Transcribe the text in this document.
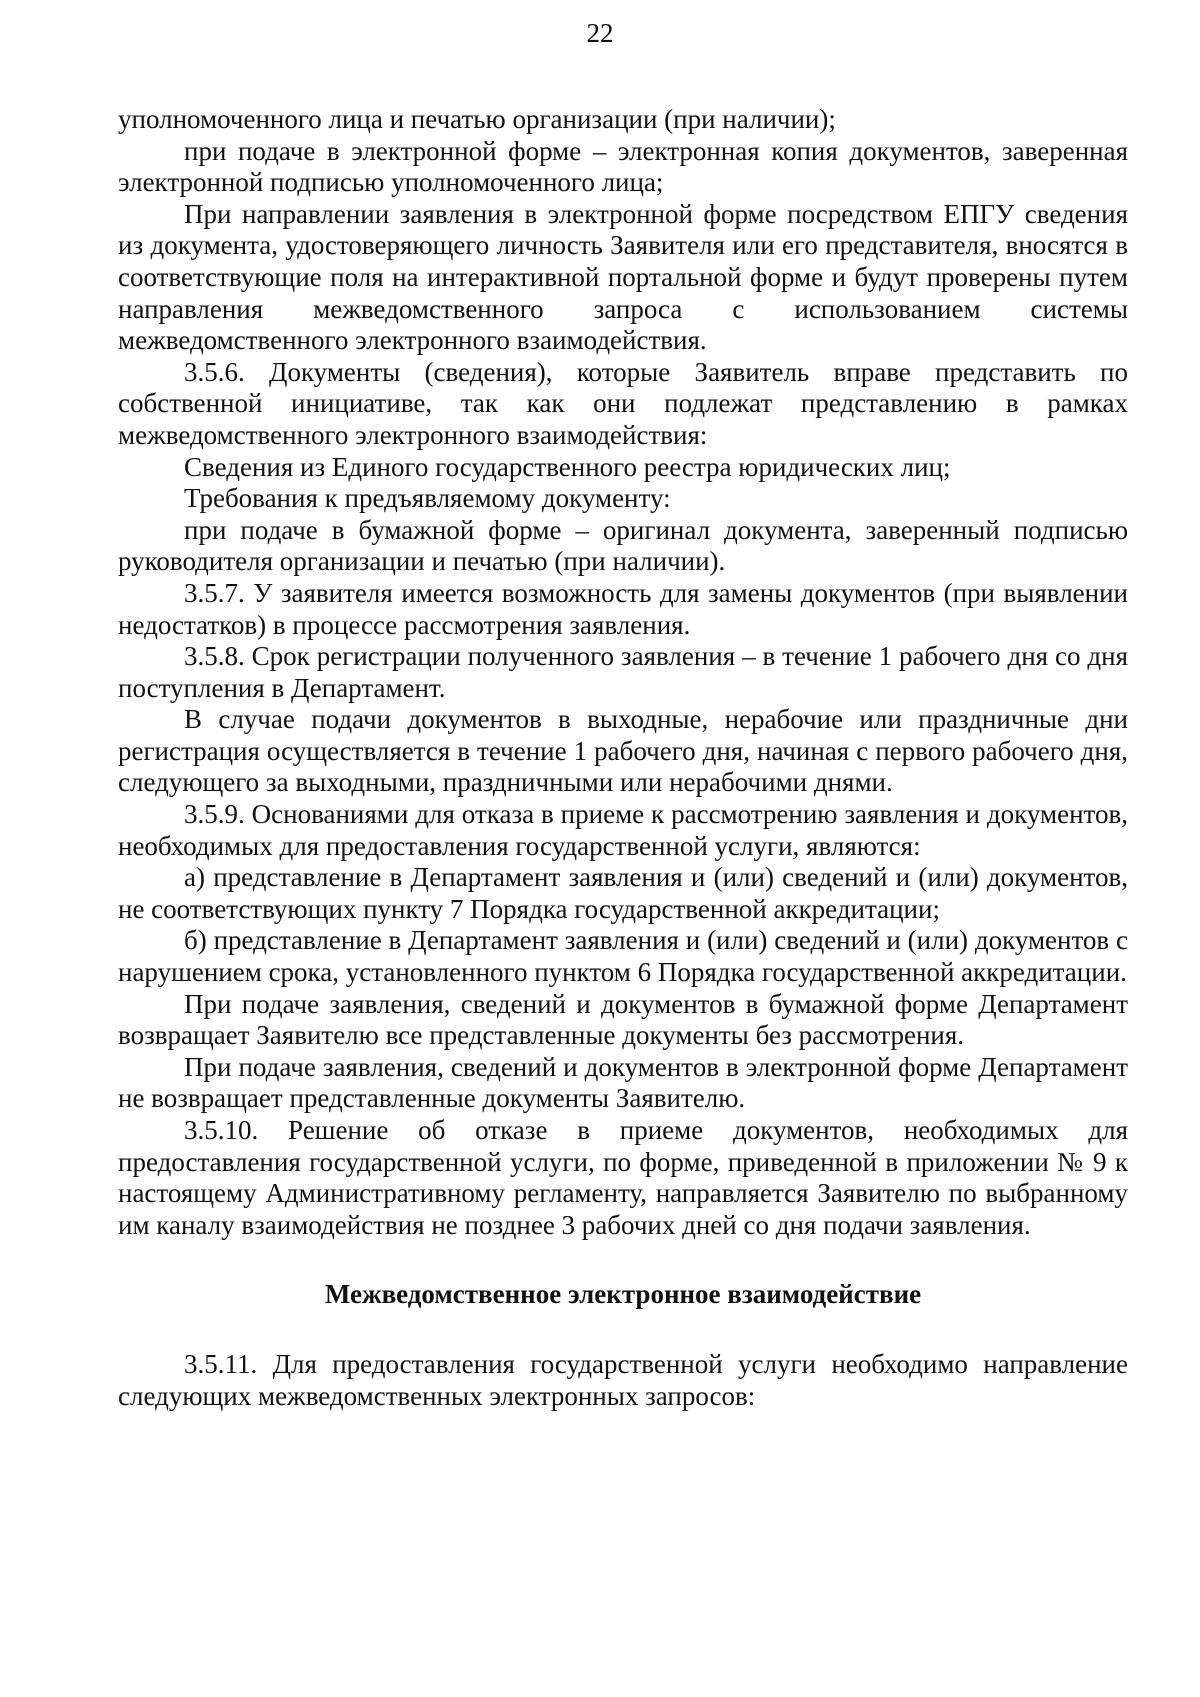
22

уполномоченного лица и печатью организации (при наличии);

при подаче в электронной форме – электронная копия документов, заверенная электронной подписью уполномоченного лица;

При направлении заявления в электронной форме посредством ЕПГУ сведения из документа, удостоверяющего личность Заявителя или его представителя, вносятся в соответствующие поля на интерактивной портальной форме и будут проверены путем направления межведомственного запроса с использованием системы межведомственного электронного взаимодействия.

3.5.6. Документы (сведения), которые Заявитель вправе представить по собственной инициативе, так как они подлежат представлению в рамках межведомственного электронного взаимодействия:

Сведения из Единого государственного реестра юридических лиц;

Требования к предъявляемому документу:

при подаче в бумажной форме – оригинал документа, заверенный подписью руководителя организации и печатью (при наличии).

3.5.7. У заявителя имеется возможность для замены документов (при выявлении недостатков) в процессе рассмотрения заявления.

3.5.8. Срок регистрации полученного заявления – в течение 1 рабочего дня со дня поступления в Департамент.

В случае подачи документов в выходные, нерабочие или праздничные дни регистрация осуществляется в течение 1 рабочего дня, начиная с первого рабочего дня, следующего за выходными, праздничными или нерабочими днями.

3.5.9. Основаниями для отказа в приеме к рассмотрению заявления и документов, необходимых для предоставления государственной услуги, являются:

а) представление в Департамент заявления и (или) сведений и (или) документов, не соответствующих пункту 7 Порядка государственной аккредитации;

б) представление в Департамент заявления и (или) сведений и (или) документов с нарушением срока, установленного пунктом 6 Порядка государственной аккредитации.

При подаче заявления, сведений и документов в бумажной форме Департамент возвращает Заявителю все представленные документы без рассмотрения.

При подаче заявления, сведений и документов в электронной форме Департамент не возвращает представленные документы Заявителю.

3.5.10. Решение об отказе в приеме документов, необходимых для предоставления государственной услуги, по форме, приведенной в приложении № 9 к настоящему Административному регламенту, направляется Заявителю по выбранному им каналу взаимодействия не позднее 3 рабочих дней со дня подачи заявления.

Межведомственное электронное взаимодействие

3.5.11. Для предоставления государственной услуги необходимо направление следующих межведомственных электронных запросов:
